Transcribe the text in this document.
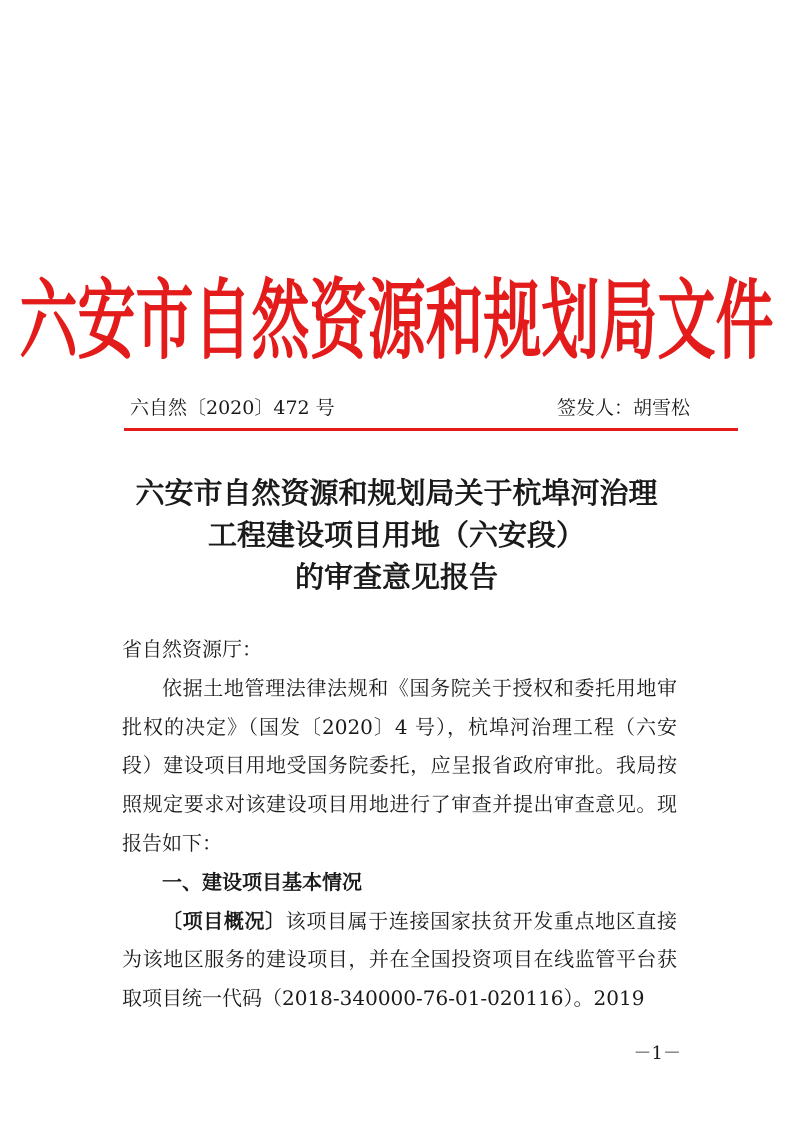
六安市自然资源和规划局文件
六自然〔2020〕472 号	签发人：胡雪松
六安市自然资源和规划局关于杭埠河治理
工程建设项目用地（六安段）
的审查意见报告

省自然资源厅：

依据土地管理法律法规和《国务院关于授权和委托用地审批权的决定》（国发〔2020〕4 号），杭埠河治理工程（六安段）建设项目用地受国务院委托，应呈报省政府审批。我局按照规定要求对该建设项目用地进行了审查并提出审查意见。现报告如下：

一、建设项目基本情况

〔项目概况〕该项目属于连接国家扶贫开发重点地区直接为该地区服务的建设项目，并在全国投资项目在线监管平台获取项目统一代码（2018-340000-76-01-020116）。2019

－1－
